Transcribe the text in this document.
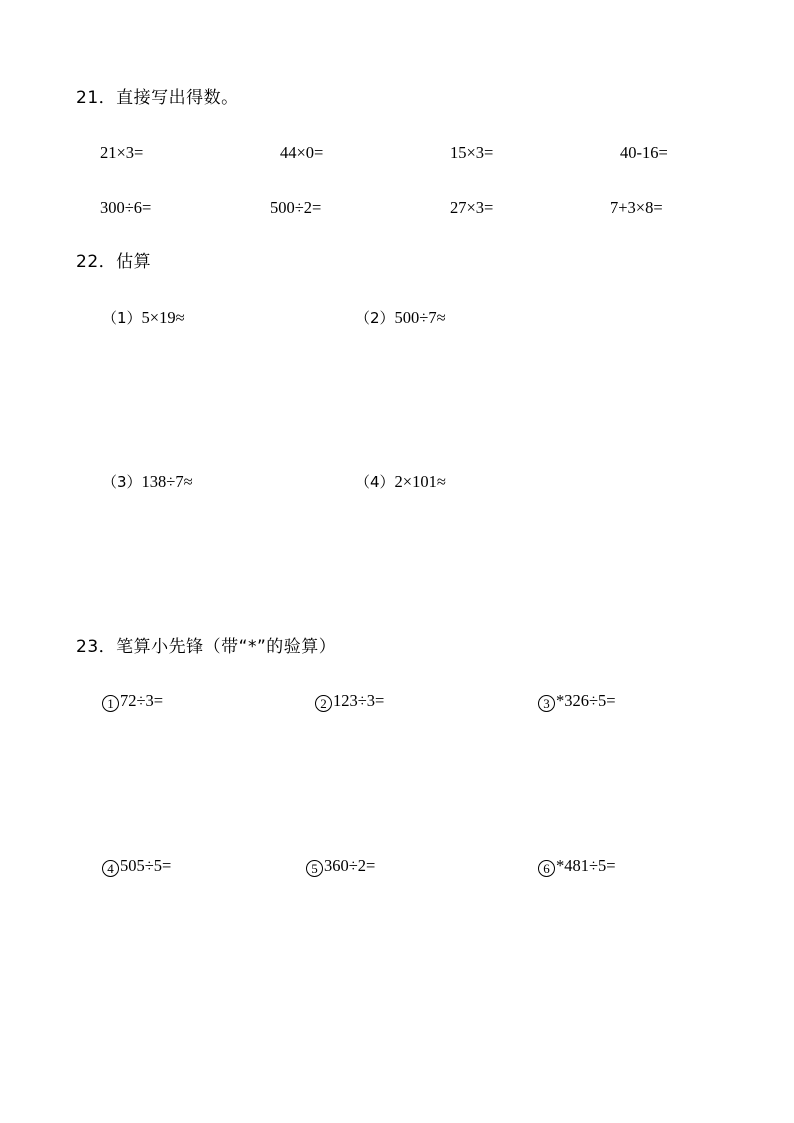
21．直接写出得数。
21×3=	44×0=	15×3=	40-16=
300÷6=	500÷2=	27×3=	7+3×8=
22．估算
（1）5×19≈	（2）500÷7≈
（3）138÷7≈	（4）2×101≈
23．笔算小先锋（带“*”的验算）
1 72÷3=	2 123÷3=	3 *326÷5=
4 505÷5=	5 360÷2=	6 *481÷5=
